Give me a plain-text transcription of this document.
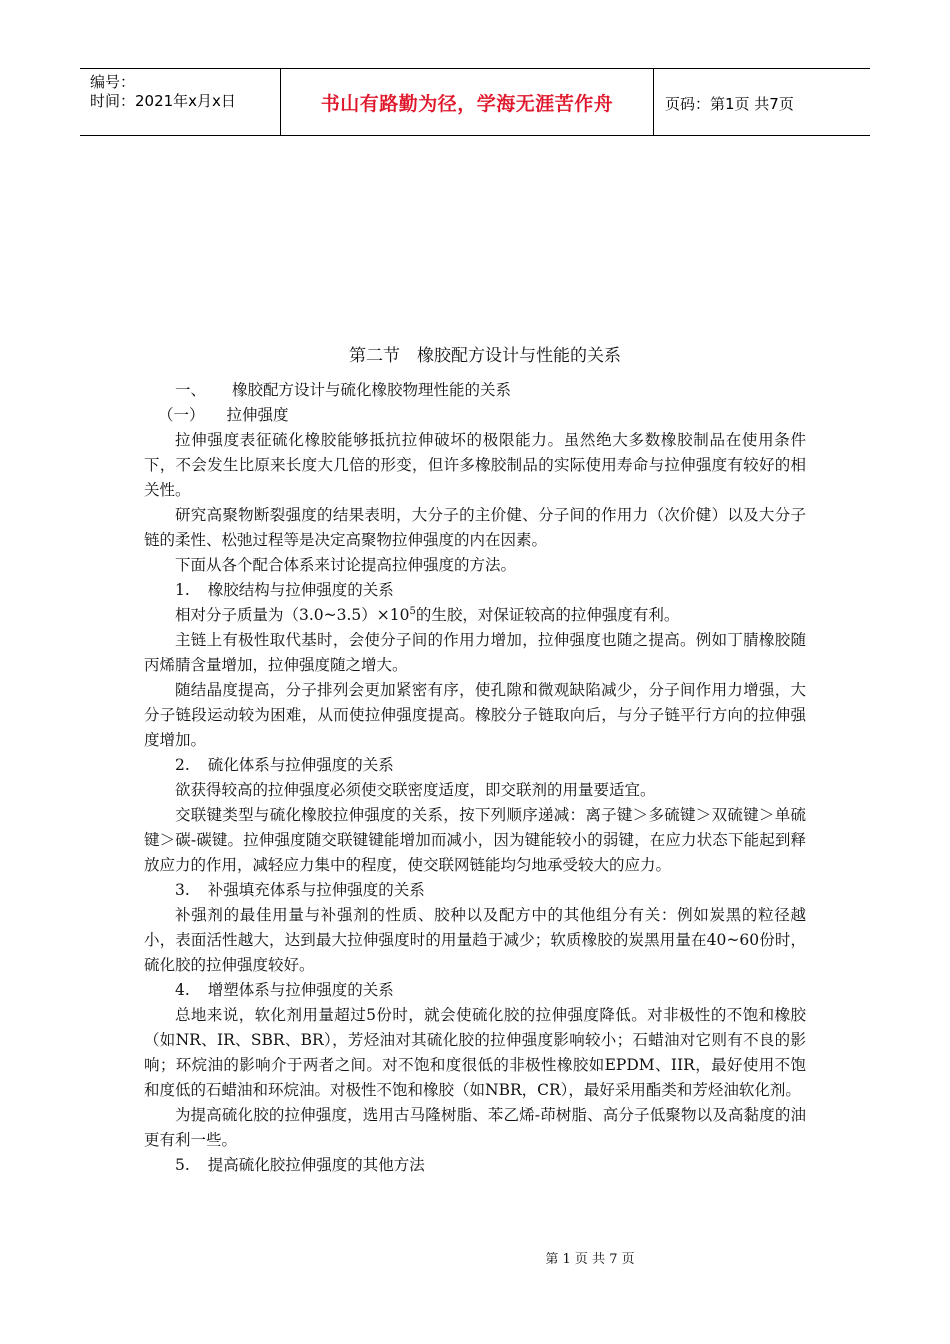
编号：
时间：2021年x月x日	书山有路勤为径，学海无涯苦作舟	页码：第1页 共7页
第二节　橡胶配方设计与性能的关系
一、 橡胶配方设计与硫化橡胶物理性能的关系
（一） 拉伸强度

拉伸强度表征硫化橡胶能够抵抗拉伸破坏的极限能力。虽然绝大多数橡胶制品在使用条件下，不会发生比原来长度大几倍的形变，但许多橡胶制品的实际使用寿命与拉伸强度有较好的相关性。

研究高聚物断裂强度的结果表明，大分子的主价健、分子间的作用力（次价健）以及大分子链的柔性、松弛过程等是决定高聚物拉伸强度的内在因素。

下面从各个配合体系来讨论提高拉伸强度的方法。

1. 橡胶结构与拉伸强度的关系

相对分子质量为$(3.0\sim 3.5)\times 10^5$的生胶，对保证较高的拉伸强度有利。

主链上有极性取代基时，会使分子间的作用力增加，拉伸强度也随之提高。例如丁腈橡胶随丙烯腈含量增加，拉伸强度随之增大。

随结晶度提高，分子排列会更加紧密有序，使孔隙和微观缺陷减少，分子间作用力增强，大分子链段运动较为困难，从而使拉伸强度提高。橡胶分子链取向后，与分子链平行方向的拉伸强度增加。

2. 硫化体系与拉伸强度的关系

欲获得较高的拉伸强度必须使交联密度适度，即交联剂的用量要适宜。

交联键类型与硫化橡胶拉伸强度的关系，按下列顺序递减：离子键＞多硫键＞双硫键＞单硫键＞碳-碳键。拉伸强度随交联键键能增加而减小，因为键能较小的弱键，在应力状态下能起到释放应力的作用，减轻应力集中的程度，使交联网链能均匀地承受较大的应力。

3. 补强填充体系与拉伸强度的关系

补强剂的最佳用量与补强剂的性质、胶种以及配方中的其他组分有关：例如炭黑的粒径越小，表面活性越大，达到最大拉伸强度时的用量趋于减少；软质橡胶的炭黑用量在40~60份时，硫化胶的拉伸强度较好。

4. 增塑体系与拉伸强度的关系

总地来说，软化剂用量超过5份时，就会使硫化胶的拉伸强度降低。对非极性的不饱和橡胶（如NR、IR、SBR、BR），芳烃油对其硫化胶的拉伸强度影响较小；石蜡油对它则有不良的影响；环烷油的影响介于两者之间。对不饱和度很低的非极性橡胶如EPDM、IIR，最好使用不饱和度低的石蜡油和环烷油。对极性不饱和橡胶（如NBR，CR），最好采用酯类和芳烃油软化剂。

为提高硫化胶的拉伸强度，选用古马隆树脂、苯乙烯-茚树脂、高分子低聚物以及高黏度的油更有利一些。

5. 提高硫化胶拉伸强度的其他方法
第 1 页 共 7 页
